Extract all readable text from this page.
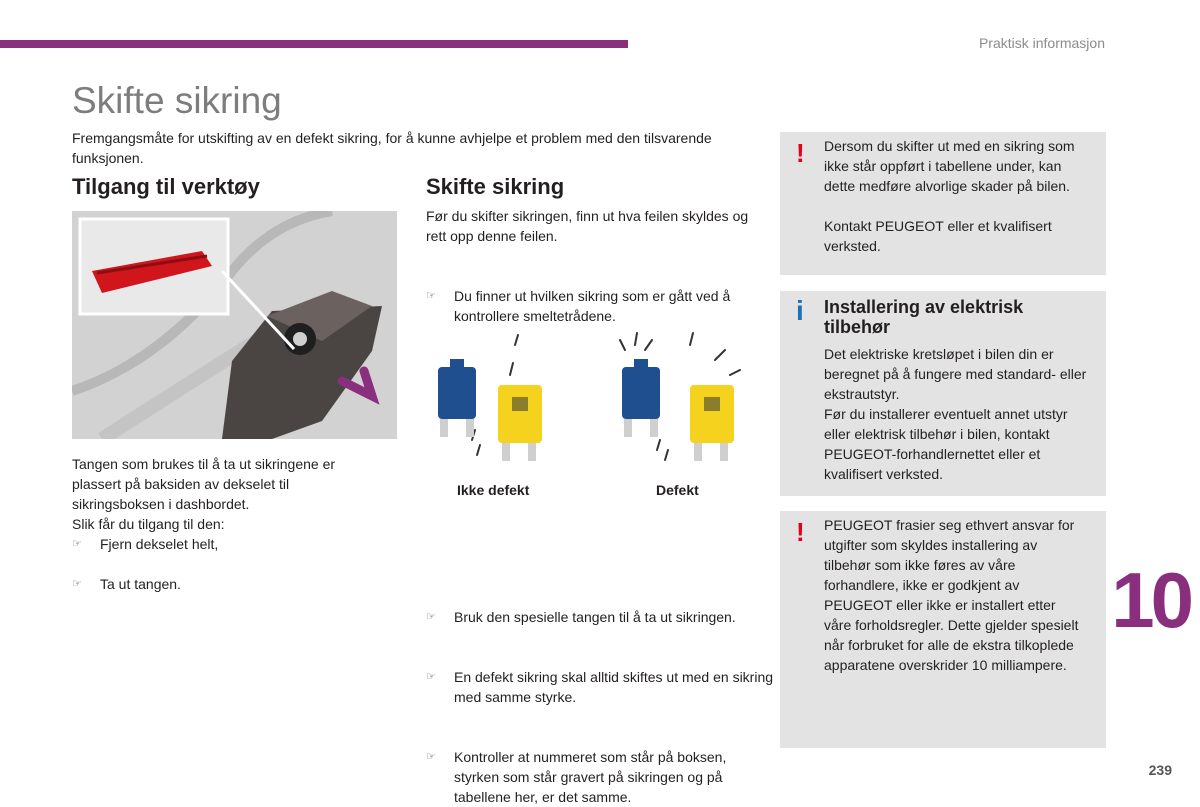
Praktisk informasjon
Skifte sikring
Fremgangsmåte for utskifting av en defekt sikring, for å kunne avhjelpe et problem med den tilsvarende funksjonen.
Tilgang til verktøy
Tangen som brukes til å ta ut sikringene er plassert på baksiden av dekselet til sikringsboksen i dashbordet.
Slik får du tilgang til den:
☞ Fjern dekselet helt,
☞ Ta ut tangen.
Skifte sikring
Før du skifter sikringen, finn ut hva feilen skyldes og rett opp denne feilen.
☞ Du finner ut hvilken sikring som er gått ved å kontrollere smeltetrådene.
Ikke defekt	Defekt
☞ Bruk den spesielle tangen til å ta ut sikringen.
☞ En defekt sikring skal alltid skiftes ut med en sikring med samme styrke.
☞ Kontroller at nummeret som står på boksen, styrken som står gravert på sikringen og på tabellene her, er det samme.
! Dersom du skifter ut med en sikring som ikke står oppført i tabellene under, kan dette medføre alvorlige skader på bilen.
Kontakt PEUGEOT eller et kvalifisert verksted.
i Installering av elektrisk tilbehør
Det elektriske kretsløpet i bilen din er beregnet på å fungere med standard- eller ekstrautstyr.
Før du installerer eventuelt annet utstyr eller elektrisk tilbehør i bilen, kontakt PEUGEOT-forhandlernettet eller et kvalifisert verksted.
! PEUGEOT frasier seg ethvert ansvar for utgifter som skyldes installering av tilbehør som ikke føres av våre forhandlere, ikke er godkjent av PEUGEOT eller ikke er installert etter våre forholdsregler. Dette gjelder spesielt når forbruket for alle de ekstra tilkoplede apparatene overskrider 10 milliampere.
10
239
